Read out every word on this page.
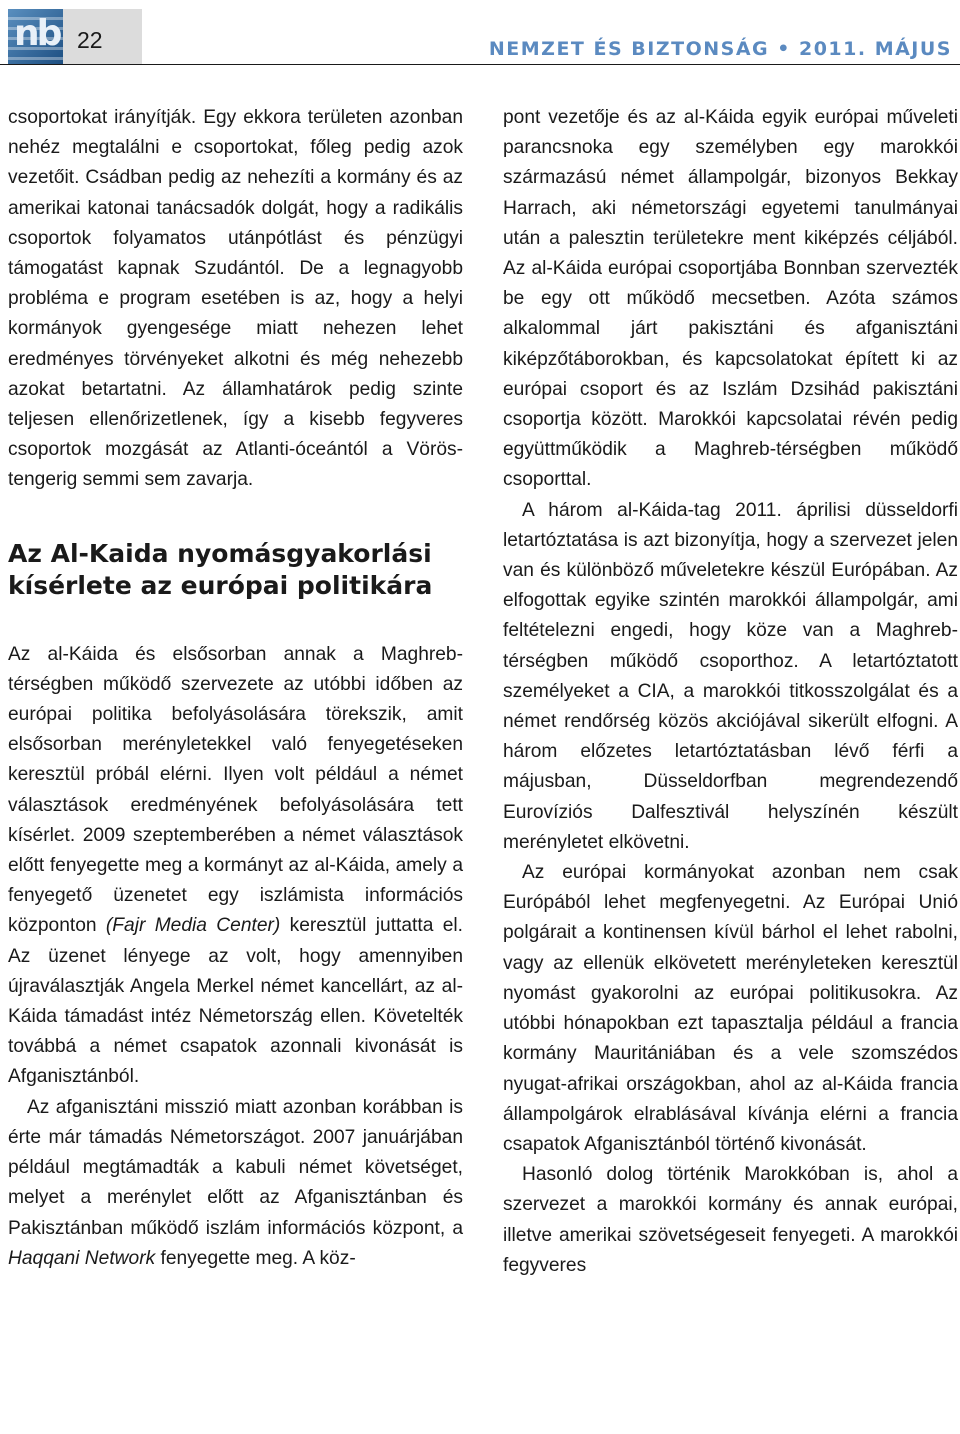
nb 22	NEMZET ÉS BIZTONSÁG • 2011. MÁJUS

csoportokat irányítják. Egy ekkora területen azonban nehéz megtalálni e csoportokat, főleg pedig azok vezetőit. Csádban pedig az nehezíti a kormány és az amerikai katonai tanácsadók dolgát, hogy a radikális csoportok folyamatos utánpótlást és pénzügyi támogatást kapnak Szudántól. De a legnagyobb probléma e program esetében is az, hogy a helyi kormányok gyengesége miatt nehezen lehet eredményes törvényeket alkotni és még nehezebb azokat betartatni. Az államhatárok pedig szinte teljesen ellenőrizetlenek, így a kisebb fegyveres csoportok mozgását az Atlanti-óceántól a Vörös-tengerig semmi sem zavarja.

Az Al-Kaida nyomásgyakorlási kísérlete az európai politikára

Az al-Káida és elsősorban annak a Maghreb-térségben működő szervezete az utóbbi időben az európai politika befolyásolására törekszik, amit elsősorban merényletekkel való fenyegetéseken keresztül próbál elérni. Ilyen volt például a német választások eredményének befolyásolására tett kísérlet. 2009 szeptemberében a német választások előtt fenyegette meg a kormányt az al-Káida, amely a fenyegető üzenetet egy iszlámista információs központon (Fajr Media Center) keresztül juttatta el. Az üzenet lényege az volt, hogy amennyiben újraválasztják Angela Merkel német kancellárt, az al-Káida támadást intéz Németország ellen. Követelték továbbá a német csapatok azonnali kivonását is Afganisztánból.

Az afganisztáni misszió miatt azonban korábban is érte már támadás Németországot. 2007 januárjában például megtámadták a kabuli német követséget, melyet a merénylet előtt az Afganisztánban és Pakisztánban működő iszlám információs központ, a Haqqani Network fenyegette meg. A köz-

pont vezetője és az al-Káida egyik európai műveleti parancsnoka egy személyben egy marokkói származású német állampolgár, bizonyos Bekkay Harrach, aki németországi egyetemi tanulmányai után a palesztin területekre ment kiképzés céljából. Az al-Káida európai csoportjába Bonnban szervezték be egy ott működő mecsetben. Azóta számos alkalommal járt pakisztáni és afganisztáni kiképzőtáborokban, és kapcsolatokat épített ki az európai csoport és az Iszlám Dzsihád pakisztáni csoportja között. Marokkói kapcsolatai révén pedig együttműködik a Maghreb-térségben működő csoporttal.

A három al-Káida-tag 2011. áprilisi düsseldorfi letartóztatása is azt bizonyítja, hogy a szervezet jelen van és különböző műveletekre készül Európában. Az elfogottak egyike szintén marokkói állampolgár, ami feltételezni engedi, hogy köze van a Maghreb-térségben működő csoporthoz. A letartóztatott személyeket a CIA, a marokkói titkosszolgálat és a német rendőrség közös akciójával sikerült elfogni. A három előzetes letartóztatásban lévő férfi a májusban, Düsseldorfban megrendezendő Eurovíziós Dalfesztivál helyszínén készült merényletet elkövetni.

Az európai kormányokat azonban nem csak Európából lehet megfenyegetni. Az Európai Unió polgárait a kontinensen kívül bárhol el lehet rabolni, vagy az ellenük elkövetett merényleteken keresztül nyomást gyakorolni az európai politikusokra. Az utóbbi hónapokban ezt tapasztalja például a francia kormány Mauritániában és a vele szomszédos nyugat-afrikai országokban, ahol az al-Káida francia állampolgárok elrablásával kívánja elérni a francia csapatok Afganisztánból történő kivonását.

Hasonló dolog történik Marokkóban is, ahol a szervezet a marokkói kormány és annak európai, illetve amerikai szövetségeseit fenyegeti. A marokkói fegyveres
